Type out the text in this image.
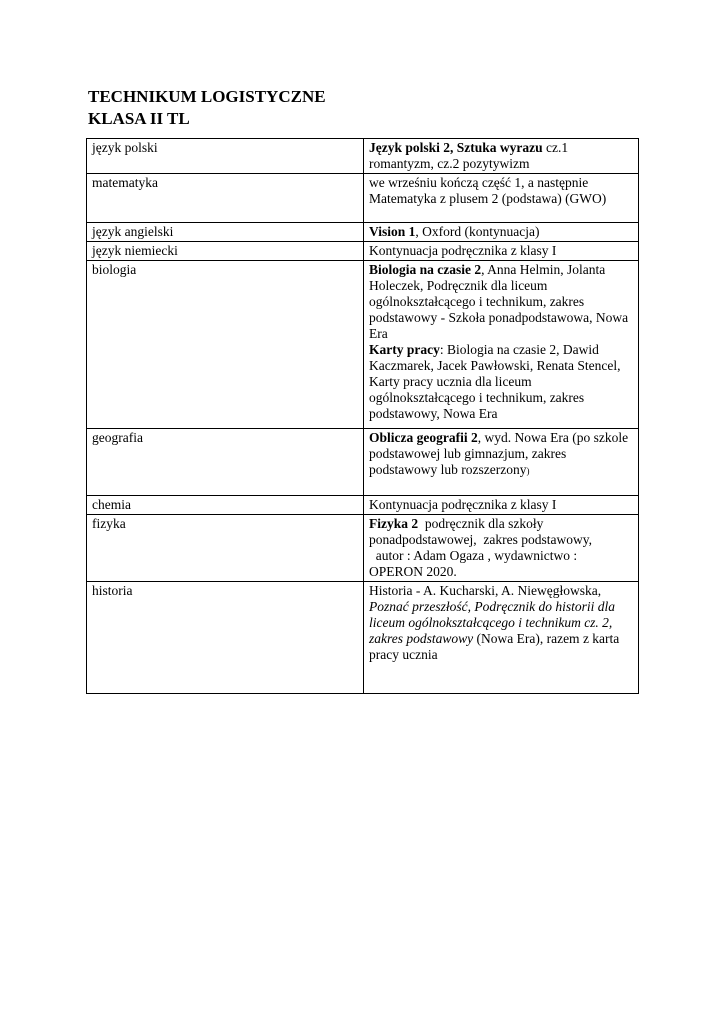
TECHNIKUM LOGISTYCZNE
KLASA II TL
język polski	Język polski 2, Sztuka wyrazu cz.1
romantyzm, cz.2 pozytywizm
matematyka	we wrześniu kończą część 1, a następnie Matematyka z plusem 2 (podstawa) (GWO)
język angielski	Vision 1, Oxford (kontynuacja)
język niemiecki	Kontynuacja podręcznika z klasy I
biologia	Biologia na czasie 2, Anna Helmin, Jolanta Holeczek, Podręcznik dla liceum ogólnokształcącego i technikum, zakres podstawowy - Szkoła ponadpodstawowa, Nowa Era
Karty pracy: Biologia na czasie 2, Dawid Kaczmarek, Jacek Pawłowski, Renata Stencel, Karty pracy ucznia dla liceum ogólnokształcącego i technikum, zakres podstawowy, Nowa Era
geografia	Oblicza geografii 2, wyd. Nowa Era (po szkole podstawowej lub gimnazjum, zakres podstawowy lub rozszerzony)
chemia	Kontynuacja podręcznika z klasy I
fizyka	Fizyka 2  podręcznik dla szkoły ponadpodstawowej,  zakres podstawowy,
autor : Adam Ogaza , wydawnictwo : OPERON 2020.
historia	Historia - A. Kucharski, A. Niewęgłowska, Poznać przeszłość, Podręcznik do historii dla liceum ogólnokształcącego i technikum cz. 2, zakres podstawowy (Nowa Era), razem z karta pracy ucznia
